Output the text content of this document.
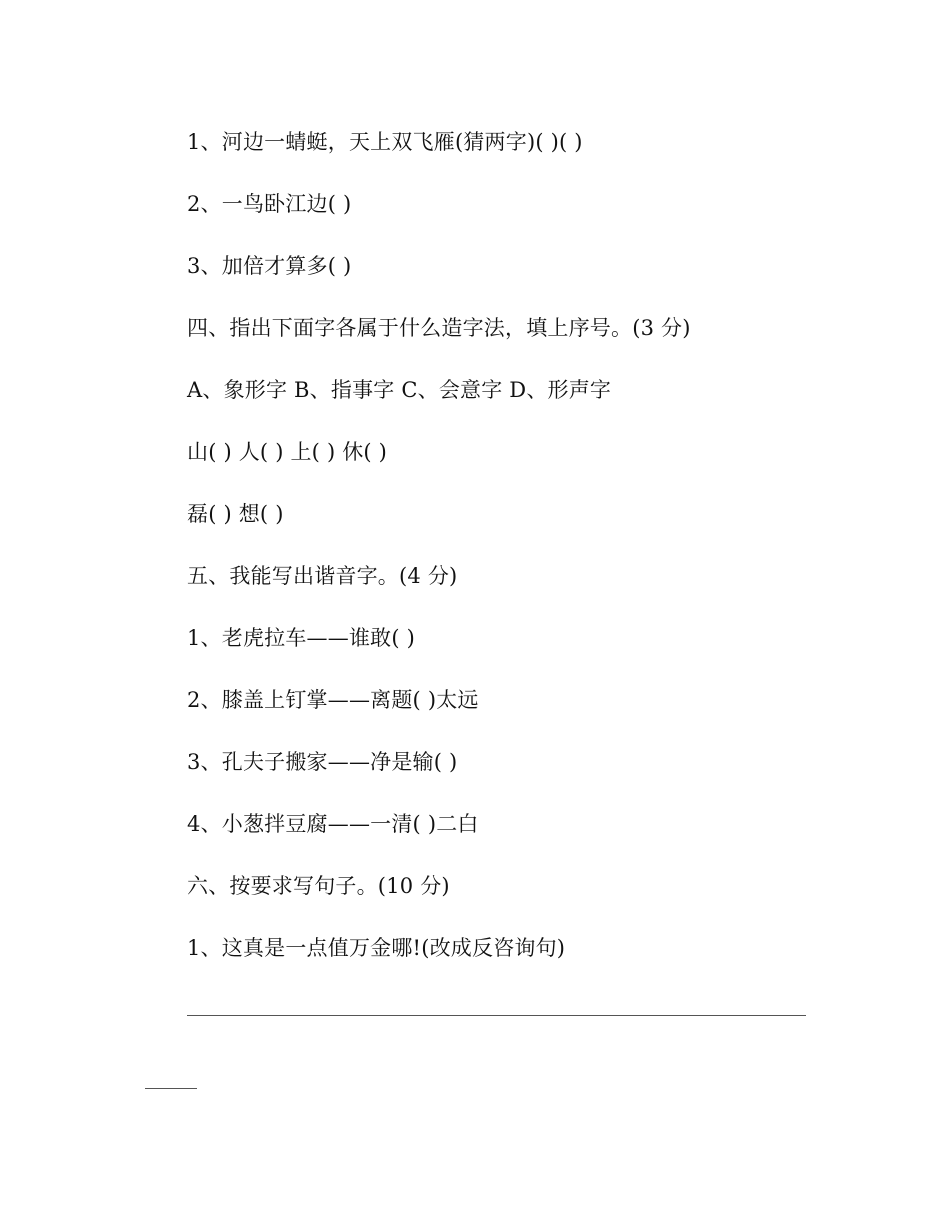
1、河边一蜻蜓，天上双飞雁(猜两字)( )( )
2、一鸟卧江边( )
3、加倍才算多( )
四、指出下面字各属于什么造字法，填上序号。(3 分)
A、象形字 B、指事字 C、会意字 D、形声字
山( ) 人( ) 上( ) 休( )
磊( ) 想( )
五、我能写出谐音字。(4 分)
1、老虎拉车——谁敢( )
2、膝盖上钉掌——离题( )太远
3、孔夫子搬家——净是输( )
4、小葱拌豆腐——一清( )二白
六、按要求写句子。(10 分)
1、这真是一点值万金哪!(改成反咨询句)
